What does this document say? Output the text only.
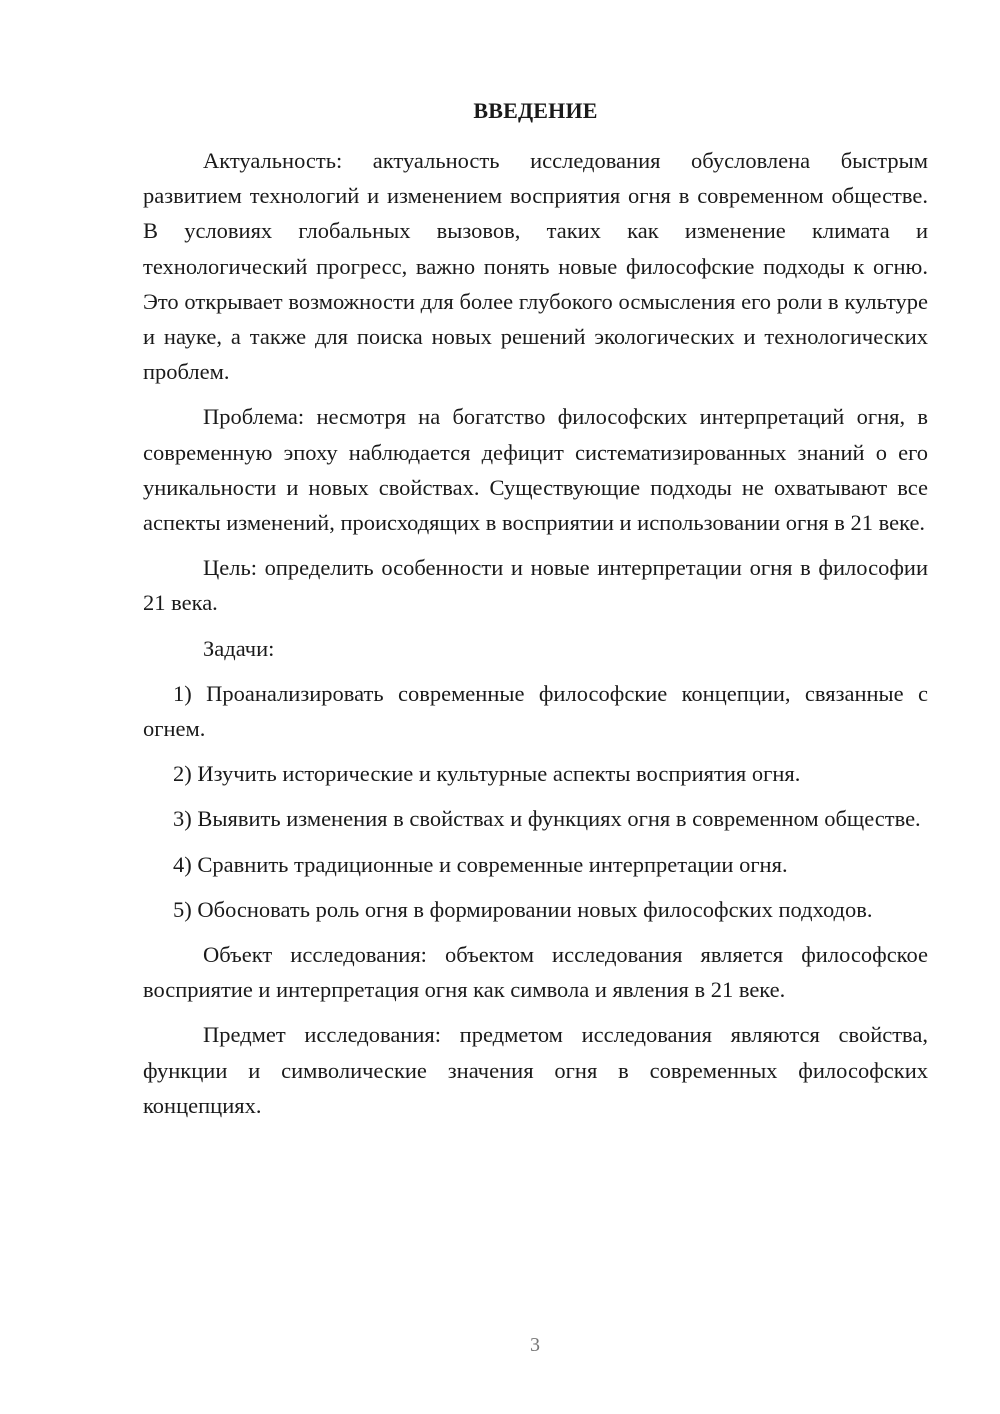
ВВЕДЕНИЕ

Актуальность: актуальность исследования обусловлена быстрым развитием технологий и изменением восприятия огня в современном обществе. В условиях глобальных вызовов, таких как изменение климата и технологический прогресс, важно понять новые философские подходы к огню. Это открывает возможности для более глубокого осмысления его роли в культуре и науке, а также для поиска новых решений экологических и технологических проблем.

Проблема: несмотря на богатство философских интерпретаций огня, в современную эпоху наблюдается дефицит систематизированных знаний о его уникальности и новых свойствах. Существующие подходы не охватывают все аспекты изменений, происходящих в восприятии и использовании огня в 21 веке.

Цель: определить особенности и новые интерпретации огня в философии 21 века.

Задачи:

1) Проанализировать современные философские концепции, связанные с огнем.

2) Изучить исторические и культурные аспекты восприятия огня.

3) Выявить изменения в свойствах и функциях огня в современном обществе.

4) Сравнить традиционные и современные интерпретации огня.

5) Обосновать роль огня в формировании новых философских подходов.

Объект исследования: объектом исследования является философское восприятие и интерпретация огня как символа и явления в 21 веке.

Предмет исследования: предметом исследования являются свойства, функции и символические значения огня в современных философских концепциях.

3
